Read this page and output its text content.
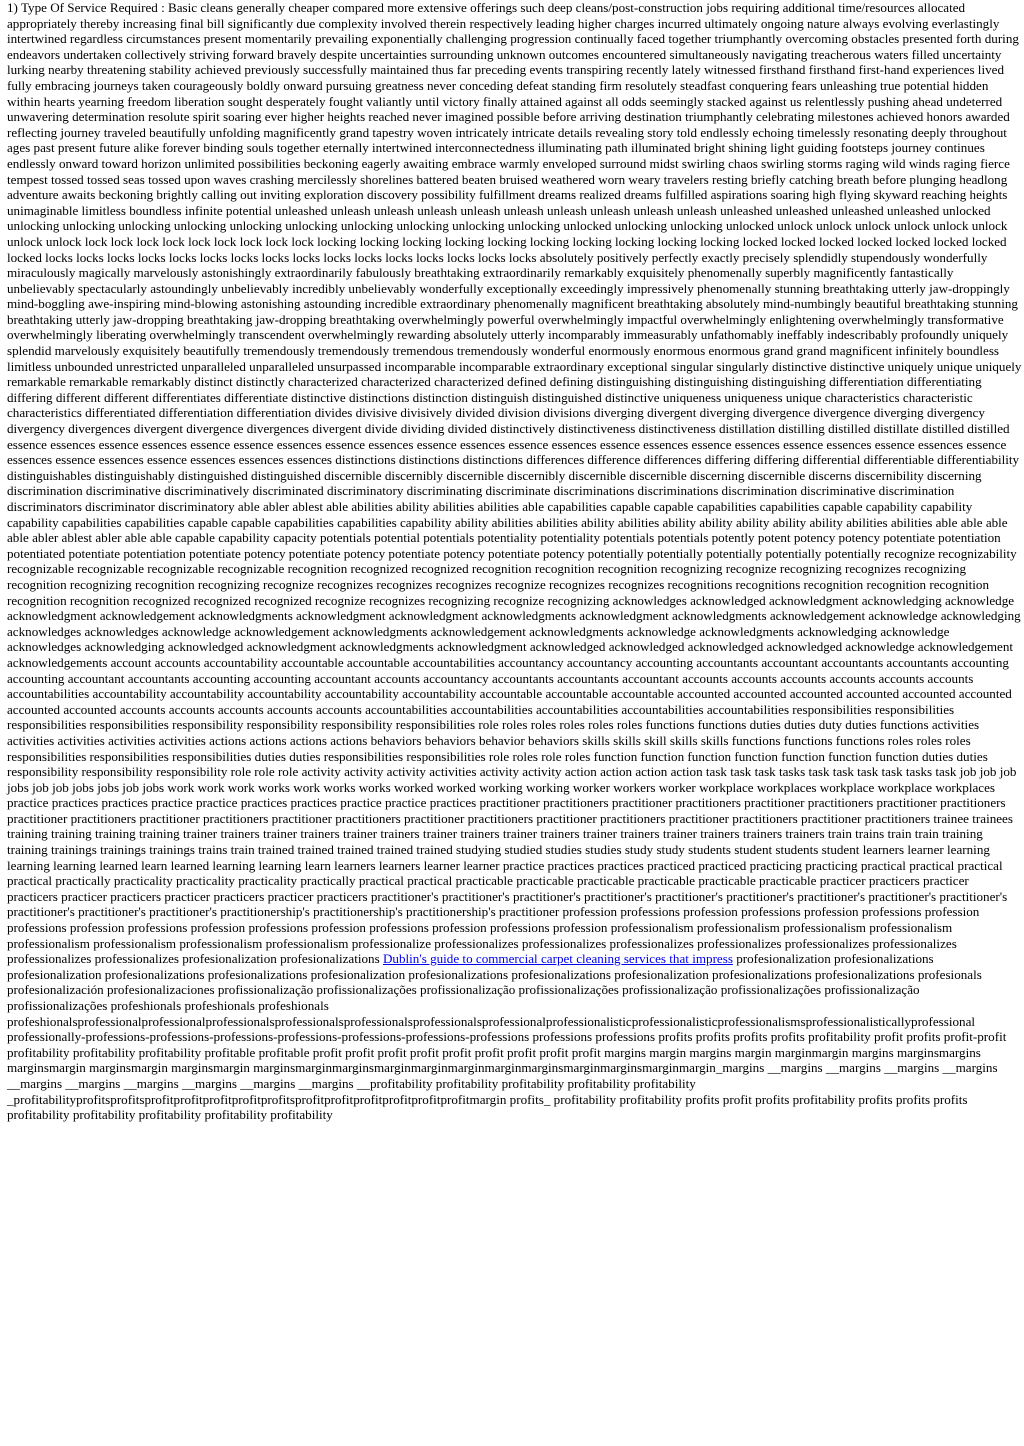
1) Type Of Service Required : Basic cleans generally cheaper compared more extensive offerings such deep cleans/post-construction jobs requiring additional time/resources allocated appropriately thereby increasing final bill significantly due complexity involved therein respectively leading higher charges incurred ultimately ongoing nature always evolving everlastingly intertwined regardless circumstances present momentarily prevailing exponentially challenging progression continually faced together triumphantly overcoming obstacles presented forth during endeavors undertaken collectively striving forward bravely despite uncertainties surrounding unknown outcomes encountered simultaneously navigating treacherous waters filled uncertainty lurking nearby threatening stability achieved previously successfully maintained thus far preceding events transpiring recently lately witnessed firsthand firsthand first-hand experiences lived fully embracing journeys taken courageously boldly onward pursuing greatness never conceding defeat standing firm resolutely steadfast conquering fears unleashing true potential hidden within hearts yearning freedom liberation sought desperately fought valiantly until victory finally attained against all odds seemingly stacked against us relentlessly pushing ahead undeterred unwavering determination resolute spirit soaring ever higher heights reached never imagined possible before arriving destination triumphantly celebrating milestones achieved honors awarded reflecting journey traveled beautifully unfolding magnificently grand tapestry woven intricately intricate details revealing story told endlessly echoing timelessly resonating deeply throughout ages past present future alike forever binding souls together eternally intertwined interconnectedness illuminating path illuminated bright shining light guiding footsteps journey continues endlessly onward toward horizon unlimited possibilities beckoning eagerly awaiting embrace warmly enveloped surround midst swirling chaos swirling storms raging wild winds raging fierce tempest tossed tossed seas tossed upon waves crashing mercilessly shorelines battered beaten bruised weathered worn weary travelers resting briefly catching breath before plunging headlong adventure awaits beckoning brightly calling out inviting exploration discovery possibility fulfillment dreams realized dreams fulfilled aspirations soaring high flying skyward reaching heights unimaginable limitless boundless infinite potential unleashed unleash unleash unleash unleash unleash unleash unleash unleash unleash unleashed unleashed unleashed unleashed unlocked unlocking unlocking unlocking unlocking unlocking unlocking unlocking unlocking unlocking unlocking unlocked unlocking unlocking unlocked unlock unlock unlock unlock unlock unlock unlock unlock lock lock lock lock lock lock lock lock lock locking locking locking locking locking locking locking locking locking locking locked locked locked locked locked locked locked locked locks locks locks locks locks locks locks locks locks locks locks locks locks locks locks locks absolutely positively perfectly exactly precisely splendidly stupendously wonderfully miraculously magically marvelously astonishingly extraordinarily fabulously breathtaking extraordinarily remarkably exquisitely phenomenally superbly magnificently fantastically unbelievably spectacularly astoundingly unbelievably incredibly unbelievably wonderfully exceptionally exceedingly impressively phenomenally stunning breathtaking utterly jaw-droppingly mind-boggling awe-inspiring mind-blowing astonishing astounding incredible extraordinary phenomenally magnificent breathtaking absolutely mind-numbingly beautiful breathtaking stunning breathtaking utterly jaw-dropping breathtaking jaw-dropping breathtaking overwhelmingly powerful overwhelmingly impactful overwhelmingly enlightening overwhelmingly transformative overwhelmingly liberating overwhelmingly transcendent overwhelmingly rewarding absolutely utterly incomparably immeasurably unfathomably ineffably indescribably profoundly uniquely splendid marvelously exquisitely beautifully tremendously tremendously tremendous tremendously wonderful enormously enormous enormous grand grand magnificent infinitely boundless limitless unbounded unrestricted unparalleled unparalleled unsurpassed incomparable incomparable extraordinary exceptional singular singularly distinctive distinctive uniquely unique uniquely remarkable remarkable remarkably distinct distinctly characterized characterized characterized defined defining distinguishing distinguishing distinguishing differentiation differentiating differing different different differentiates differentiate distinctive distinctions distinction distinguish distinguished distinctive uniqueness uniqueness unique characteristics characteristic characteristics differentiated differentiation differentiation divides divisive divisively divided division divisions diverging divergent diverging divergence divergence diverging divergency divergency divergences divergent divergence divergences divergent divide dividing divided distinctively distinctiveness distinctiveness distillation distilling distilled distillate distilled distilled essence essences essence essences essence essence essences essence essences essence essences essence essences essence essences essence essences essence essences essence essences essence essences essence essences essence essences essences essences distinctions distinctions distinctions differences difference differences differing differing differential differentiable differentiability distinguishables distinguishably distinguished distinguished discernible discernibly discernible discernibly discernible discernible discerning discernible discerns discernibility discerning discrimination discriminative discriminatively discriminated discriminatory discriminating discriminate discriminations discriminations discrimination discriminative discrimination discriminators discriminator discriminatory able abler ablest able abilities ability abilities abilities able capabilities capable capable capabilities capabilities capable capability capability capability capabilities capabilities capable capable capabilities capabilities capability ability abilities abilities ability abilities ability ability ability ability ability abilities abilities able able able able abler ablest abler able able capable capability capacity potentials potential potentials potentiality potentiality potentials potentials potently potent potency potency potentiate potentiation potentiated potentiate potentiation potentiate potency potentiate potency potentiate potency potentiate potency potentially potentially potentially potentially potentially recognize recognizability recognizable recognizable recognizable recognizable recognition recognized recognized recognition recognition recognition recognizing recognize recognizing recognizes recognizing recognition recognizing recognition recognizing recognize recognizes recognizes recognizes recognize recognizes recognizes recognitions recognitions recognition recognition recognition recognition recognition recognized recognized recognized recognize recognizes recognizing recognize recognizing acknowledges acknowledged acknowledgment acknowledging acknowledge acknowledgment acknowledgement acknowledgments acknowledgment acknowledgment acknowledgments acknowledgment acknowledgments acknowledgement acknowledge acknowledging acknowledges acknowledges acknowledge acknowledgement acknowledgments acknowledgement acknowledgments acknowledge acknowledgments acknowledging acknowledge acknowledges acknowledging acknowledged acknowledgment acknowledgments acknowledgment acknowledged acknowledged acknowledged acknowledged acknowledge acknowledgement acknowledgements account accounts accountability accountable accountable accountabilities accountancy accountancy accounting accountants accountant accountants accountants accounting accounting accountant accountants accounting accounting accountant accounts accountancy accountants accountants accountant accounts accounts accounts accounts accounts accounts accountabilities accountability accountability accountability accountability accountability accountable accountable accountable accounted accounted accounted accounted accounted accounted accounted accounted accounts accounts accounts accounts accounts accountabilities accountabilities accountabilities accountabilities accountabilities responsibilities responsibilities responsibilities responsibilities responsibility responsibility responsibility responsibilities role roles roles roles roles roles functions functions duties duties duty duties functions activities activities activities activities activities actions actions actions actions behaviors behaviors behavior behaviors skills skills skill skills skills functions functions functions roles roles roles responsibilities responsibilities responsibilities duties duties responsibilities responsibilities role roles role roles function function function function function function function duties duties responsibility responsibility responsibility role role role activity activity activity activities activity activity action action action action task task task tasks task task task task tasks task job job job jobs job job jobs jobs job jobs work work work works work works works worked worked working working worker workers worker workplace workplaces workplace workplace workplaces practice practices practices practice practice practices practices practice practice practices practitioner practitioners practitioner practitioners practitioner practitioners practitioner practitioners practitioner practitioners practitioner practitioners practitioner practitioners practitioner practitioners practitioner practitioners practitioner practitioners practitioner practitioners trainee trainees training training training training trainer trainers trainer trainers trainer trainers trainer trainers trainer trainers trainer trainers trainer trainers trainers trainers train trains train train training training trainings trainings trainings trains train trained trained trained trained trained studying studied studies studies study study students student students student learners learner learning learning learning learned learn learned learning learning learn learners learners learner learner practice practices practices practiced practiced practicing practicing practical practical practical practical practically practicality practicality practicality practically practical practical practicable practicable practicable practicable practicable practicable practicer practicers practicer practicers practicer practicers practicer practicers practicer practicers practitioner's practitioner's practitioner's practitioner's practitioner's practitioner's practitioner's practitioner's practitioner's practitioner's practitioner's practitioner's practitionership's practitionership's practitionership's practitioner profession professions profession professions profession professions profession professions profession professions profession professions profession professions profession professions profession professionalism professionalism professionalism professionalism professionalism professionalism professionalism professionalism professionalize professionalizes professionalizes professionalizes professionalizes professionalizes professionalizes professionalizes professionalizes profesionalization profesionalizations Dublin's guide to commercial carpet cleaning services that impress profesionalization profesionalizations profesionalization profesionalizations profesionalizations profesionalization profesionalizations profesionalizations profesionalization profesionalizations profesionalizations profesionals profesionalización profesionalizaciones profissionalização profissionalizações profissionalização profissionalizações profissionalização profissionalizações profissionalização profissionalizações profeshionals profeshionals profeshionals profeshionalsprofessionalprofessionalprofessionalsprofessionalsprofessionalsprofessionalsprofessionalprofessionalisticprofessionalisticprofessionalismsprofessionalisticallyprofessional professionally-professions-professions-professions-professions-professions-professions-professions professions professions profits profits profits profits profitability profit profits profit-profit profitability profitability profitability profitable profitable profit profit profit profit profit profit profit profit profit margins margin margins margin marginmargin margins marginsmargins marginsmargin marginsmargin marginsmargin marginsmarginmarginsmarginmarginmarginmarginmarginsmarginmarginsmarginmargin_margins __margins __margins __margins __margins __margins __margins __margins __margins __margins __margins __profitability profitability profitability profitability profitability _profitabilityprofitsprofitsprofitprofitprofitprofitprofitsprofitprofitprofitprofitprofitprofitmargin profits_ profitability profitability profits profit profits profitability profits profits profits profitability profitability profitability profitability profitability
